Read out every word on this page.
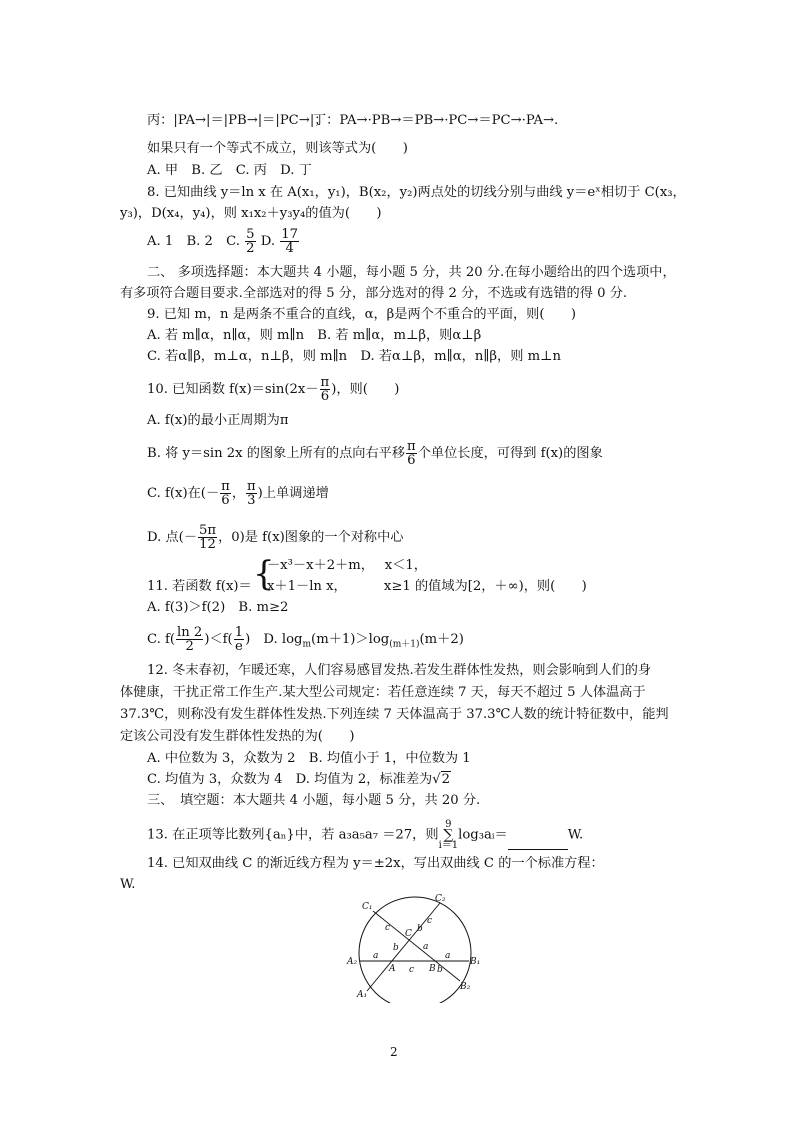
丙：|PA→|＝|PB→|＝|PC→|；
丁：PA→·PB→＝PB→·PC→＝PC→·PA→.
如果只有一个等式不成立，则该等式为(　　)
A. 甲　B. 乙　C. 丙　D. 丁
8. 已知曲线 y＝ln x 在 A(x₁，y₁)，B(x₂，y₂)两点处的切线分别与曲线 y＝eˣ相切于 C(x₃，
y₃)，D(x₄，y₄)，则 x₁x₂＋y₃y₄的值为(　　)
A. 1　B. 2　C. $\frac{5}{2} D$. $\frac{17}{4}$
二、 多项选择题：本大题共 4 小题，每小题 5 分，共 20 分.在每小题给出的四个选项中，
有多项符合题目要求.全部选对的得 5 分，部分选对的得 2 分，不选或有选错的得 0 分.
9. 已知 m，n 是两条不重合的直线，α，β是两个不重合的平面，则(　　)
A. 若 m∥α，n∥α，则 m∥n　B. 若 m∥α，m⊥β，则α⊥β
C. 若α∥β，m⊥α，n⊥β，则 m∥n　D. 若α⊥β，m∥α，n∥β，则 m⊥n
10. 已知函数 $f(x)=\sin(2x- \frac{\pi}{6}$ )，则(　　)
A. f(x)的最小正周期为π
B. 将 y＝sin 2x 的图象上所有的点向右平移 $\frac{\pi}{6}$ 个单位长度，可得到 f(x)的图象
C. f(x)在(－ $\frac{\pi}{6}$ ， $\frac{\pi}{3}$ )上单调递增
D. 点(－ $\frac{5\pi}{12}$ ，0)是 f(x)图象的一个对称中心
11. 若函数 f(x)＝ {
－x³－x＋2＋m，　 x＜1，
x＋1－ln x，　　　 x≥1 的值域为[2，＋∞)，则(　　)
A. f(3)＞f(2)　B. m≥2
C. $f( \frac{\ln 2}{2} )<f( \frac{1}{e}$ )　D. $\log_m(m+1)>\log_{(m+1)}(m+2)$
12. 冬末春初，乍暖还寒，人们容易感冒发热.若发生群体性发热，则会影响到人们的身
体健康，干扰正常工作生产.某大型公司规定：若任意连续 7 天，每天不超过 5 人体温高于
37.3℃，则称没有发生群体性发热.下列连续 7 天体温高于 37.3℃人数的统计特征数中，能判
定该公司没有发生群体性发热的为(　　)
A. 中位数为 3，众数为 2　B. 均值小于 1，中位数为 1
C. 均值为 3，众数为 4　D. 均值为 2，标准差为√2
三、　填空题：本大题共 4 小题，每小题 5 分，共 20 分.
13. 在正项等比数列{aₙ}中，若 a₃a₅a₇ ＝27，则9
∑
i＝1log₃aᵢ＝	W.
14. 已知双曲线 C 的渐近线方程为 y＝±2x，写出双曲线 C 的一个标准方程：
W.
C₁
C₂
A₂	B₁
A₁
B₂
A	B
C
a	a
a
b
b
b
c
c
c
2
